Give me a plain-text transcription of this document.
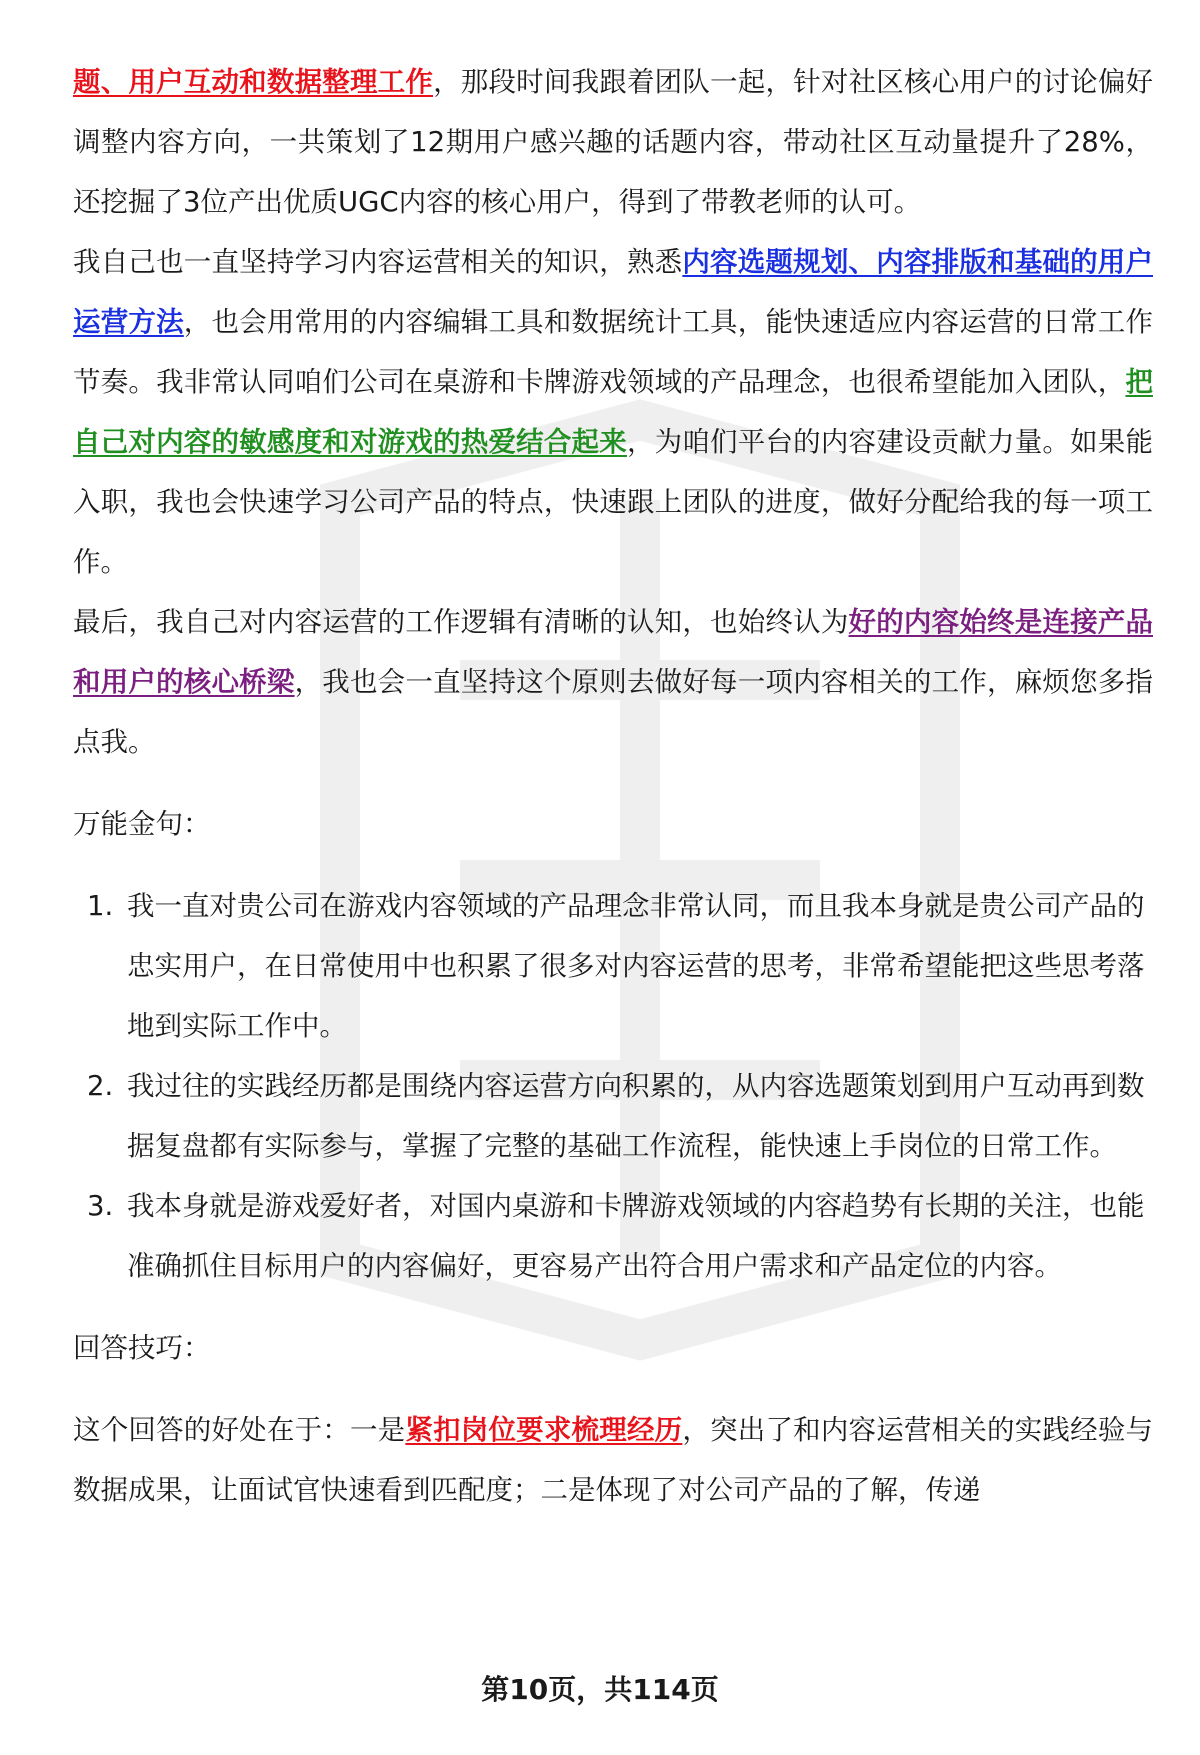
题、用户互动和数据整理工作，那段时间我跟着团队一起，针对社区核心用户的讨论偏好调整内容方向，一共策划了12期用户感兴趣的话题内容，带动社区互动量提升了28%，还挖掘了3位产出优质UGC内容的核心用户，得到了带教老师的认可。

我自己也一直坚持学习内容运营相关的知识，熟悉内容选题规划、内容排版和基础的用户运营方法，也会用常用的内容编辑工具和数据统计工具，能快速适应内容运营的日常工作节奏。我非常认同咱们公司在桌游和卡牌游戏领域的产品理念，也很希望能加入团队，把自己对内容的敏感度和对游戏的热爱结合起来，为咱们平台的内容建设贡献力量。如果能入职，我也会快速学习公司产品的特点，快速跟上团队的进度，做好分配给我的每一项工作。

最后，我自己对内容运营的工作逻辑有清晰的认知，也始终认为好的内容始终是连接产品和用户的核心桥梁，我也会一直坚持这个原则去做好每一项内容相关的工作，麻烦您多指点我。

万能金句：

1. 我一直对贵公司在游戏内容领域的产品理念非常认同，而且我本身就是贵公司产品的忠实用户，在日常使用中也积累了很多对内容运营的思考，非常希望能把这些思考落地到实际工作中。
2. 我过往的实践经历都是围绕内容运营方向积累的，从内容选题策划到用户互动再到数据复盘都有实际参与，掌握了完整的基础工作流程，能快速上手岗位的日常工作。
3. 我本身就是游戏爱好者，对国内桌游和卡牌游戏领域的内容趋势有长期的关注，也能准确抓住目标用户的内容偏好，更容易产出符合用户需求和产品定位的内容。

回答技巧：

这个回答的好处在于：一是紧扣岗位要求梳理经历，突出了和内容运营相关的实践经验与数据成果，让面试官快速看到匹配度；二是体现了对公司产品的了解，传递

第10页，共114页
